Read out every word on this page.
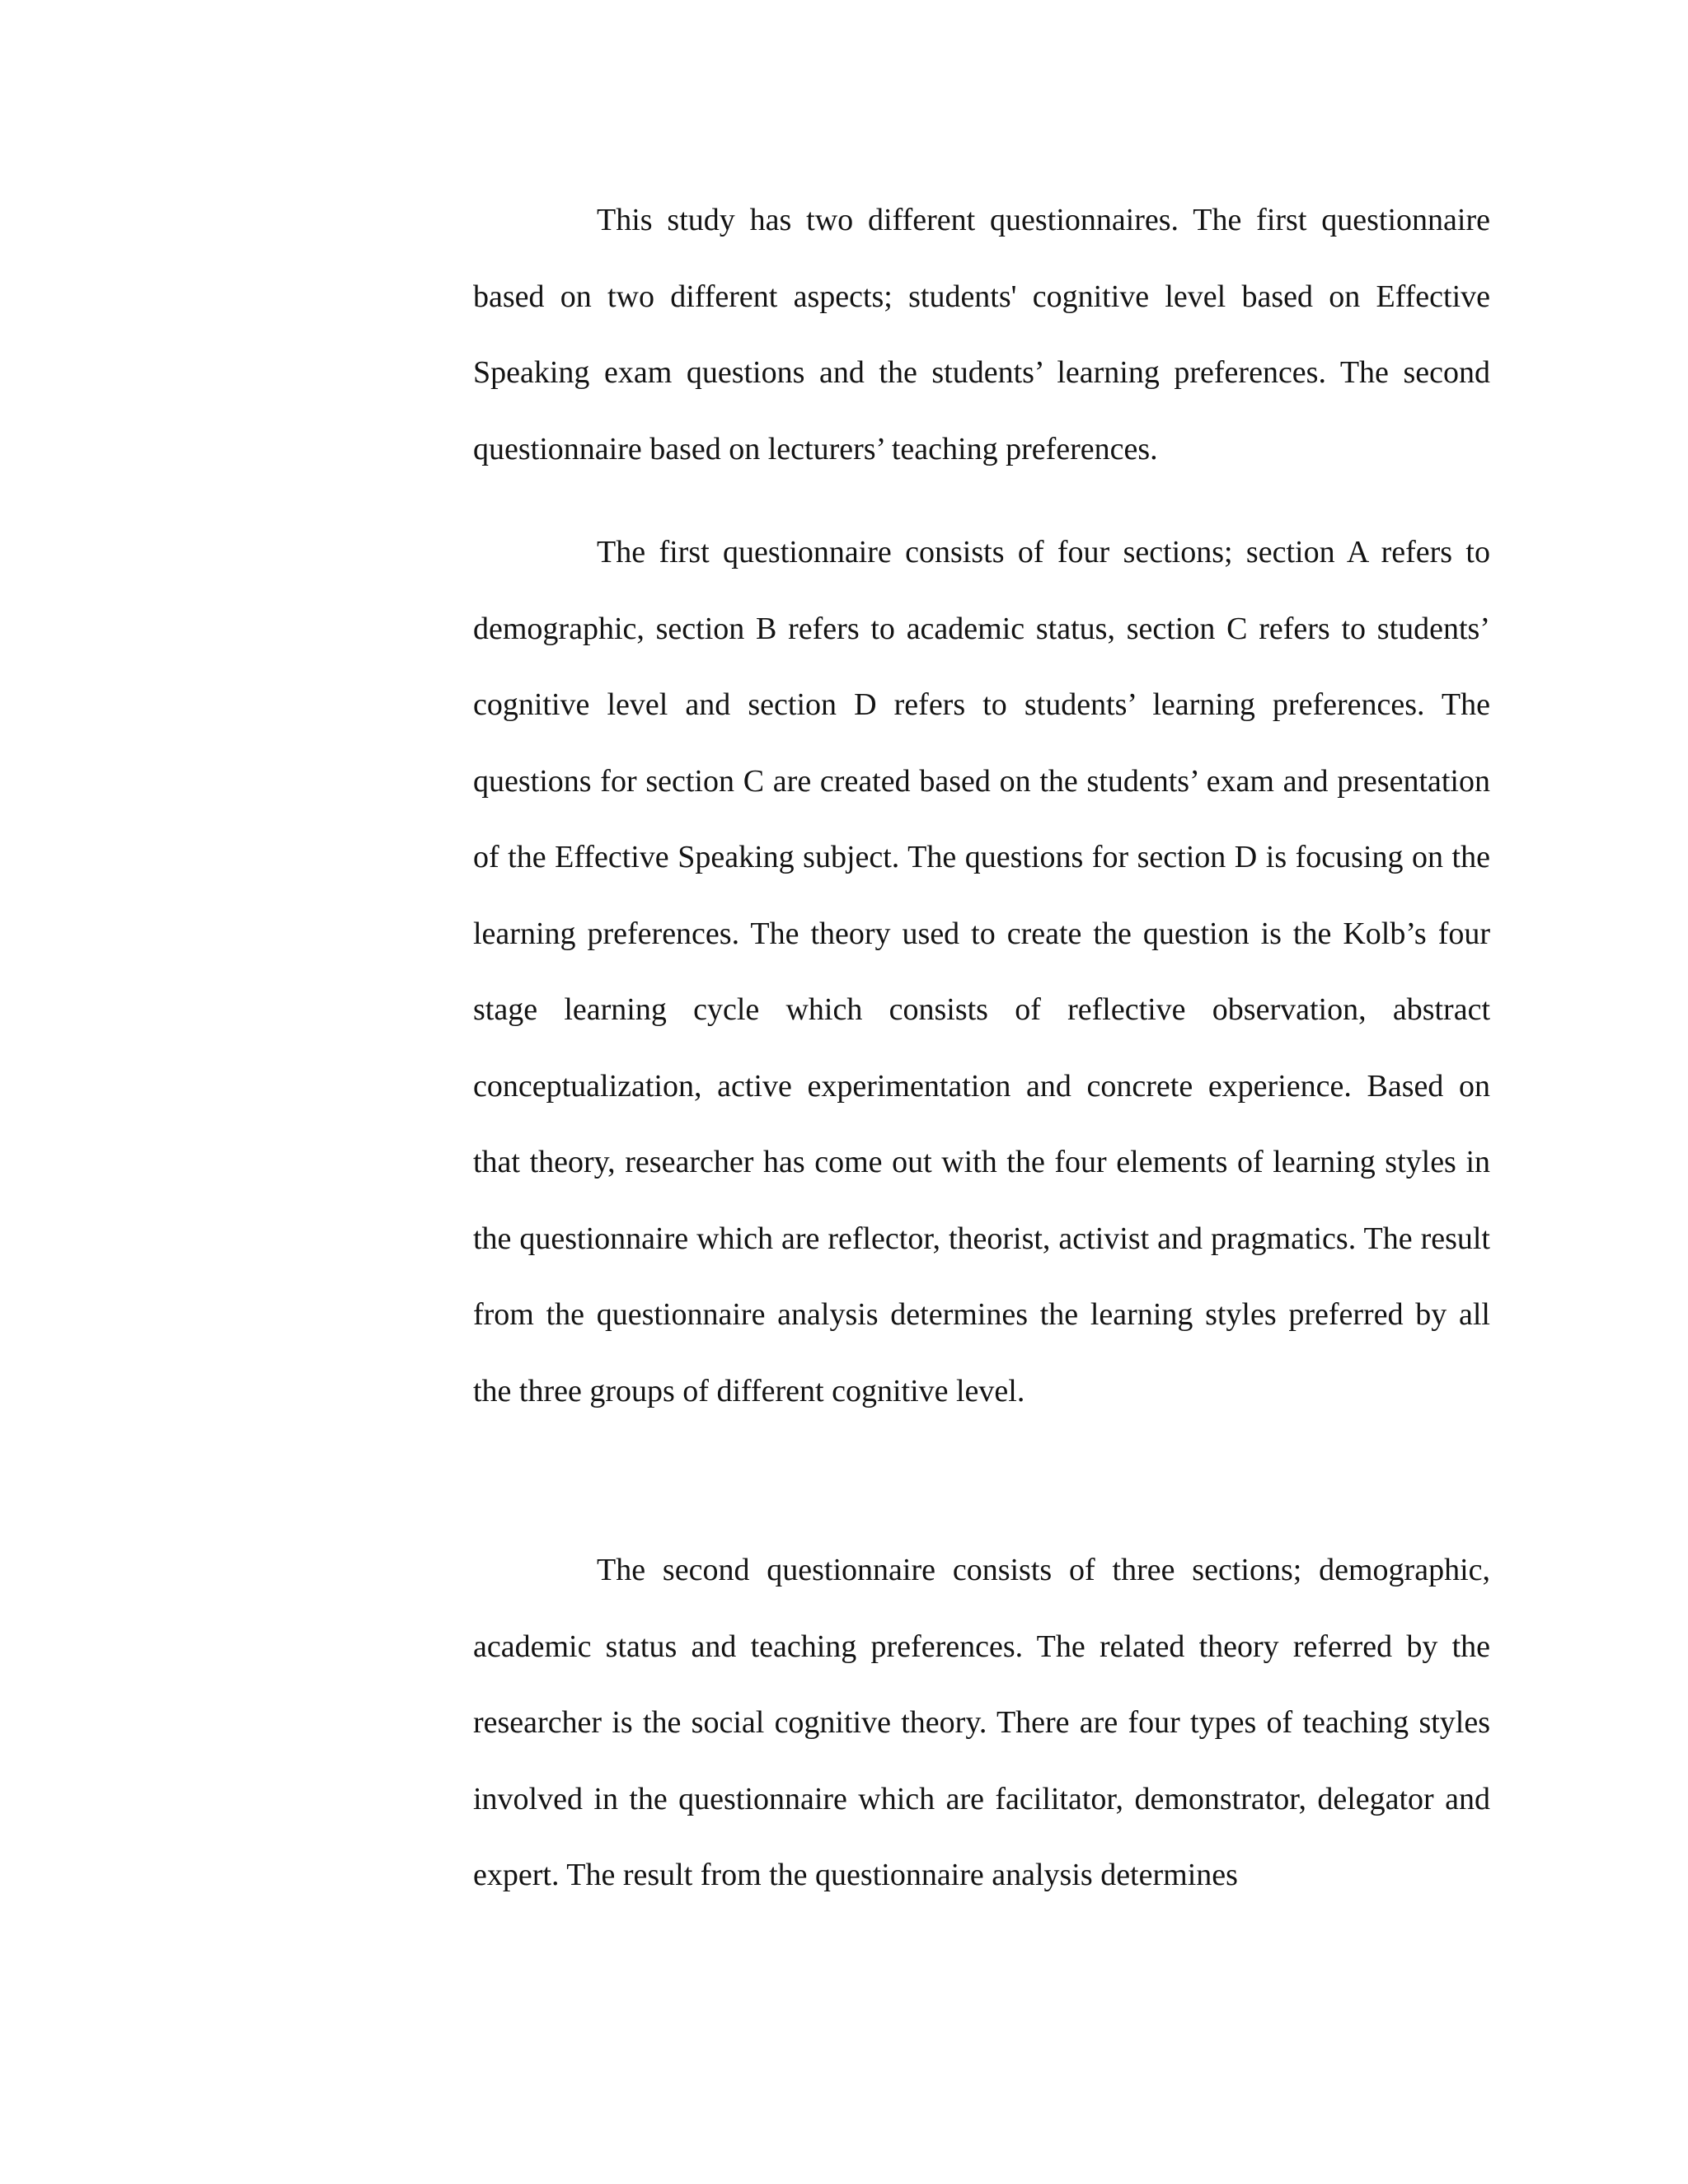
This study has two different questionnaires. The first questionnaire based on two different aspects; students' cognitive level based on Effective Speaking exam questions and the students’ learning preferences. The second questionnaire based on lecturers’ teaching preferences.

The first questionnaire consists of four sections; section A refers to demographic, section B refers to academic status, section C refers to students’ cognitive level and section D refers to students’ learning preferences. The questions for section C are created based on the students’ exam and presentation of the Effective Speaking subject. The questions for section D is focusing on the learning preferences. The theory used to create the question is the Kolb’s four stage learning cycle which consists of reflective observation, abstract conceptualization, active experimentation and concrete experience. Based on that theory, researcher has come out with the four elements of learning styles in the questionnaire which are reflector, theorist, activist and pragmatics. The result from the questionnaire analysis determines the learning styles preferred by all the three groups of different cognitive level.

The second questionnaire consists of three sections; demographic, academic status and teaching preferences. The related theory referred by the researcher is the social cognitive theory. There are four types of teaching styles involved in the questionnaire which are facilitator, demonstrator, delegator and expert. The result from the questionnaire analysis determines
